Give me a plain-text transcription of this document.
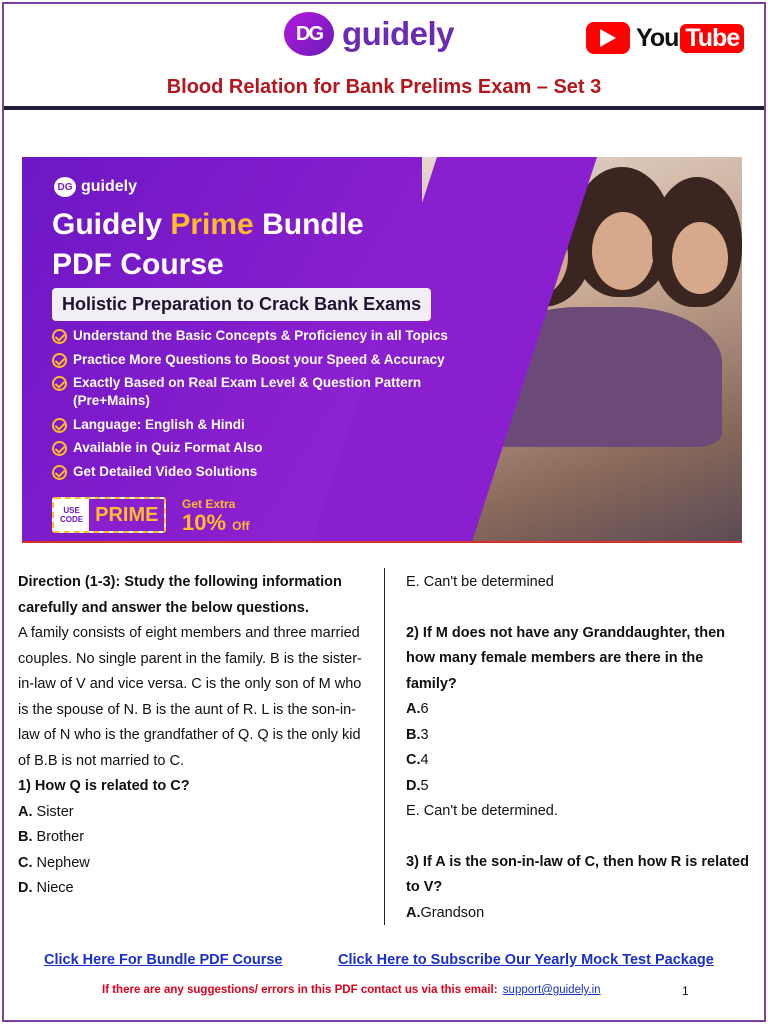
DG guidely	You Tube
Blood Relation for Bank Prelims Exam – Set 3
DG guidely
Guidely Prime Bundle
PDF Course
Holistic Preparation to Crack Bank Exams
Understand the Basic Concepts & Proficiency in all Topics
Practice More Questions to Boost your Speed & Accuracy
Exactly Based on Real Exam Level & Question Pattern (Pre+Mains)
Language: English & Hindi
Available in Quiz Format Also
Get Detailed Video Solutions
USE
CODE PRIME	Get Extra
10% Off
Direction (1-3): Study the following information carefully and answer the below questions.
A family consists of eight members and three married couples. No single parent in the family. B is the sister-in-law of V and vice versa. C is the only son of M who is the spouse of N. B is the aunt of R. L is the son-in-law of N who is the grandfather of Q. Q is the only kid of B.B is not married to C.
1) How Q is related to C?
A. Sister
B. Brother
C. Nephew
D. Niece
E. Can't be determined
2) If M does not have any Granddaughter, then how many female members are there in the family?
A.6
B.3
C.4
D.5
E. Can't be determined.
3) If A is the son-in-law of C, then how R is related to V?
A.Grandson
Click Here For Bundle PDF Course	Click Here to Subscribe Our Yearly Mock Test Package
If there are any suggestions/ errors in this PDF contact us via this email: support@guidely.in	1
